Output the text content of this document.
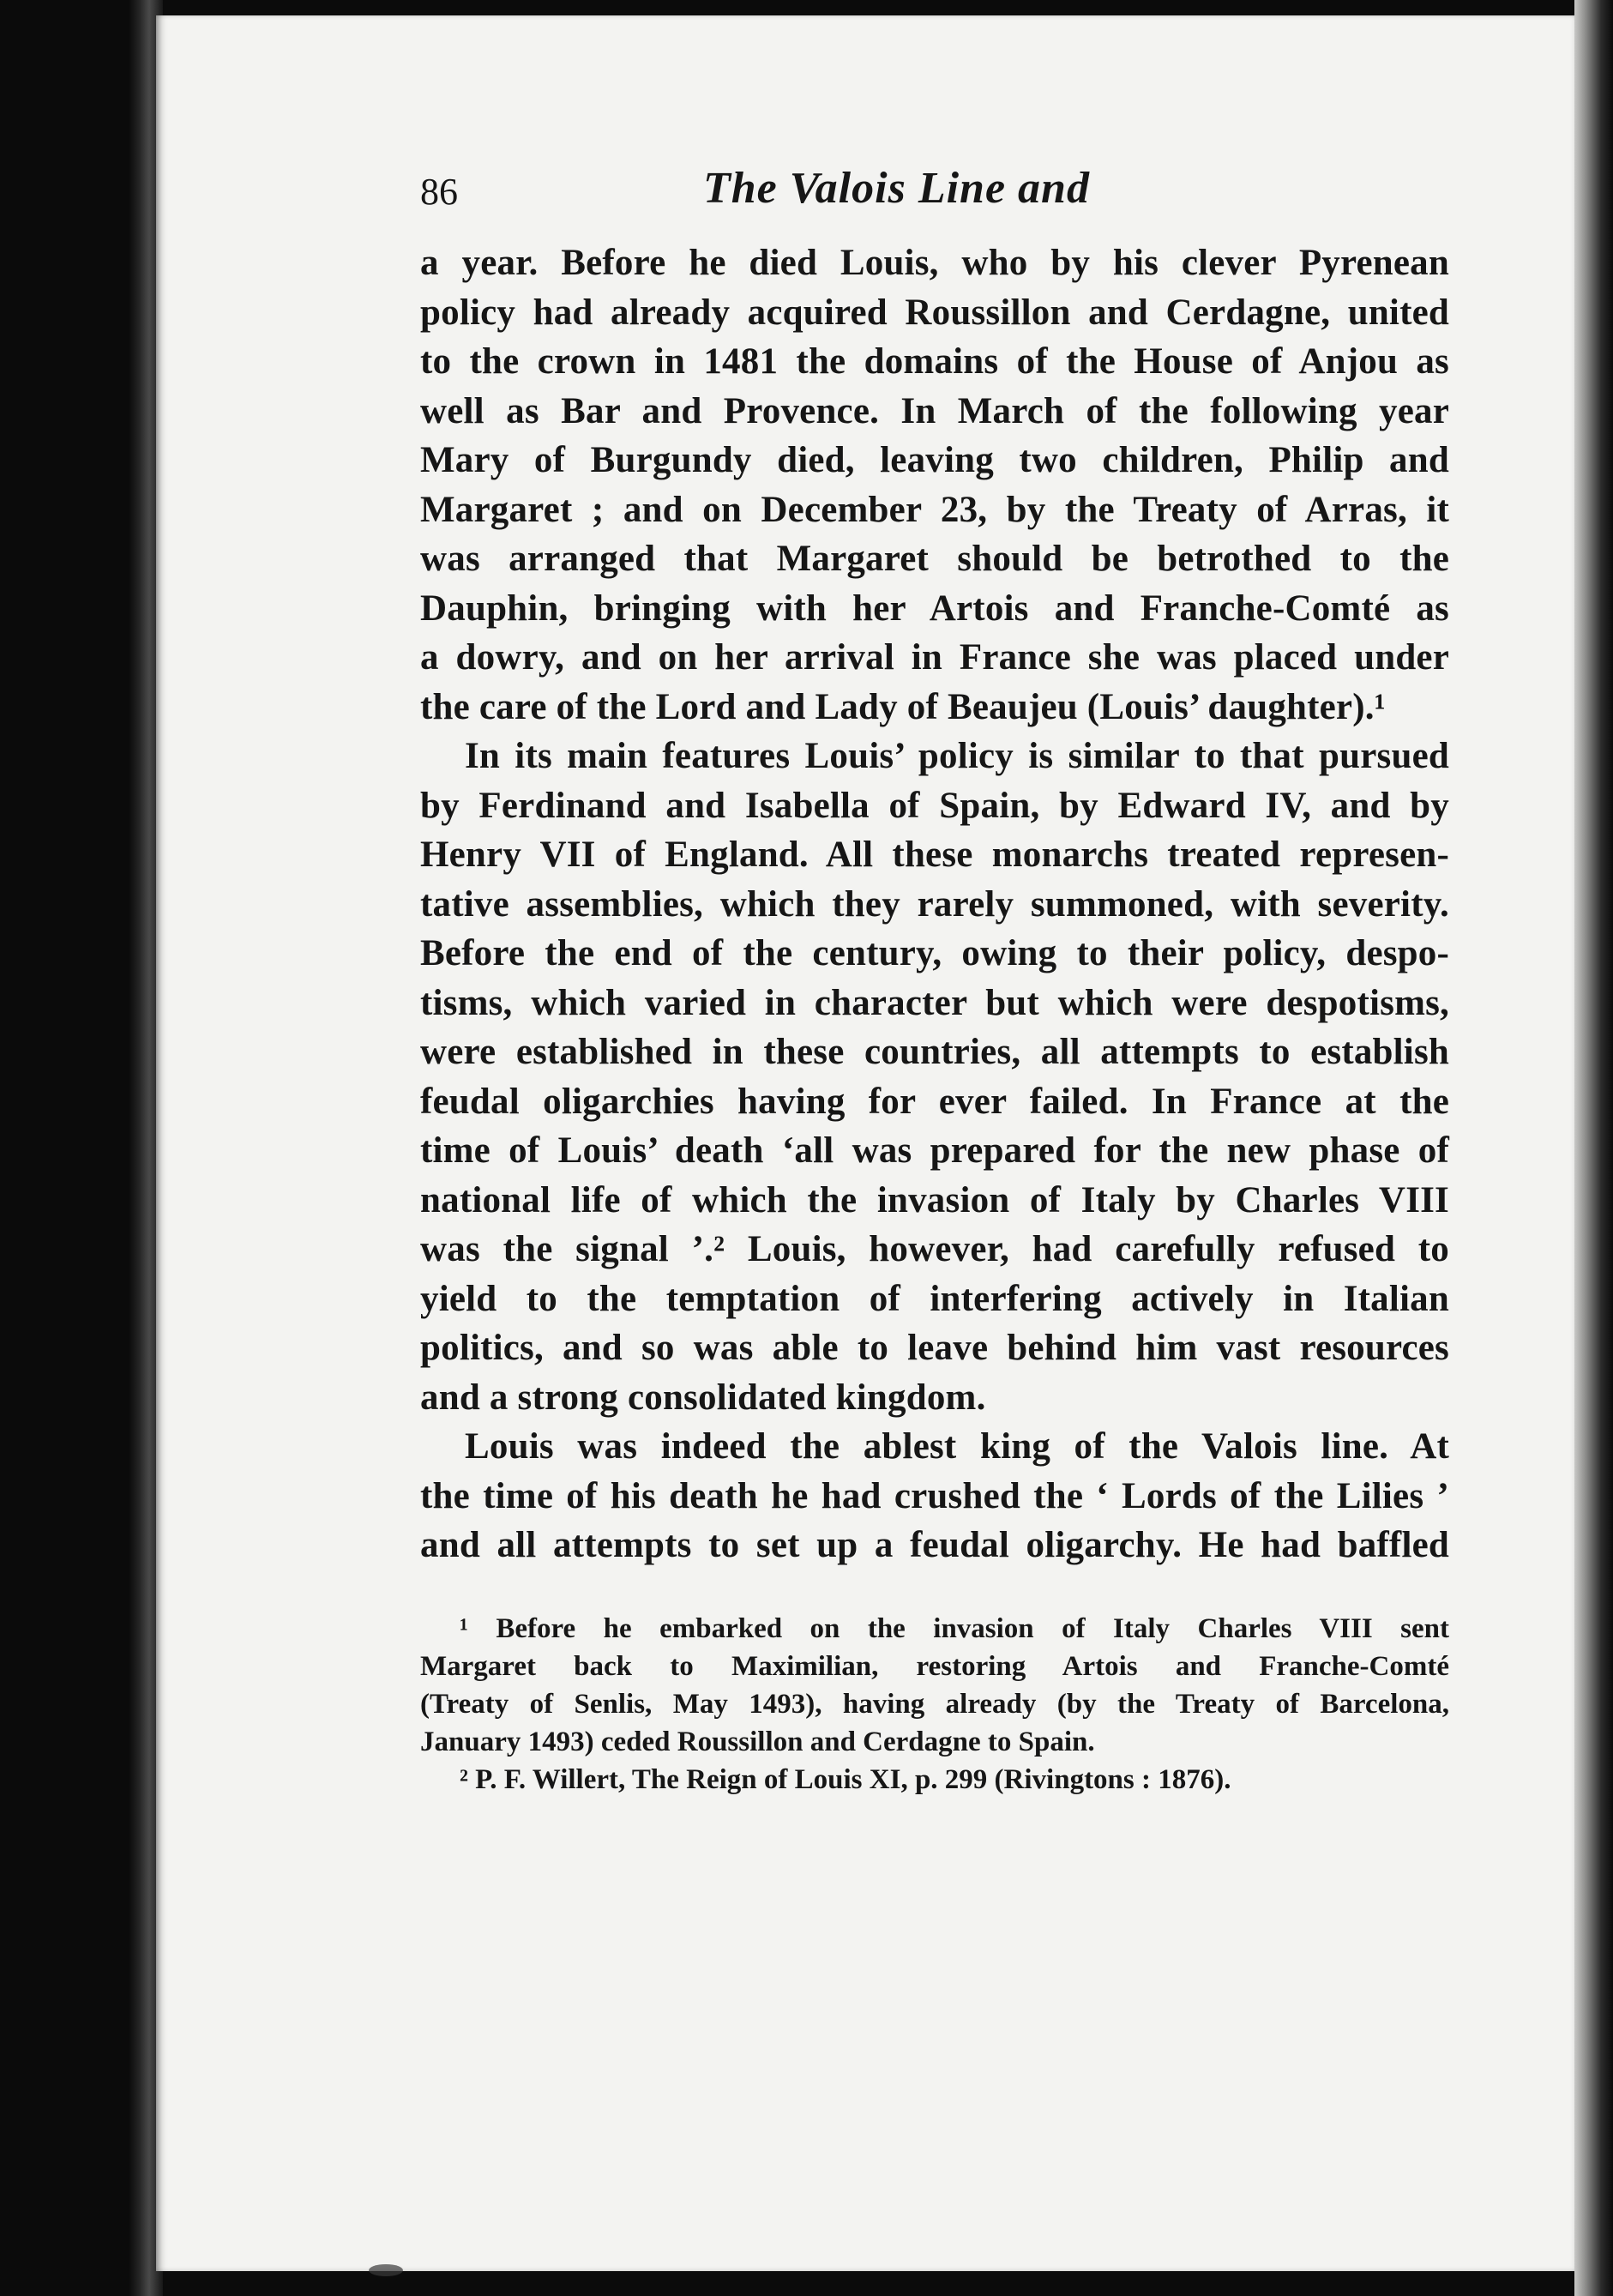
86	The Valois Line and
a year. Before he died Louis, who by his clever Pyrenean
policy had already acquired Roussillon and Cerdagne, united
to the crown in 1481 the domains of the House of Anjou as
well as Bar and Provence. In March of the following year
Mary of Burgundy died, leaving two children, Philip and
Margaret ; and on December 23, by the Treaty of Arras, it
was arranged that Margaret should be betrothed to the
Dauphin, bringing with her Artois and Franche-Comté as
a dowry, and on her arrival in France she was placed under
the care of the Lord and Lady of Beaujeu (Louis’ daughter).¹
In its main features Louis’ policy is similar to that pursued
by Ferdinand and Isabella of Spain, by Edward IV, and by
Henry VII of England. All these monarchs treated represen-
tative assemblies, which they rarely summoned, with severity.
Before the end of the century, owing to their policy, despo-
tisms, which varied in character but which were despotisms,
were established in these countries, all attempts to establish
feudal oligarchies having for ever failed. In France at the
time of Louis’ death ‘all was prepared for the new phase of
national life of which the invasion of Italy by Charles VIII
was the signal ’.² Louis, however, had carefully refused to
yield to the temptation of interfering actively in Italian
politics, and so was able to leave behind him vast resources
and a strong consolidated kingdom.
Louis was indeed the ablest king of the Valois line. At
the time of his death he had crushed the ‘ Lords of the Lilies ’
and all attempts to set up a feudal oligarchy. He had baffled
¹ Before he embarked on the invasion of Italy Charles VIII sent
Margaret back to Maximilian, restoring Artois and Franche-Comté
(Treaty of Senlis, May 1493), having already (by the Treaty of Barcelona,
January 1493) ceded Roussillon and Cerdagne to Spain.
² P. F. Willert, The Reign of Louis XI, p. 299 (Rivingtons : 1876).
